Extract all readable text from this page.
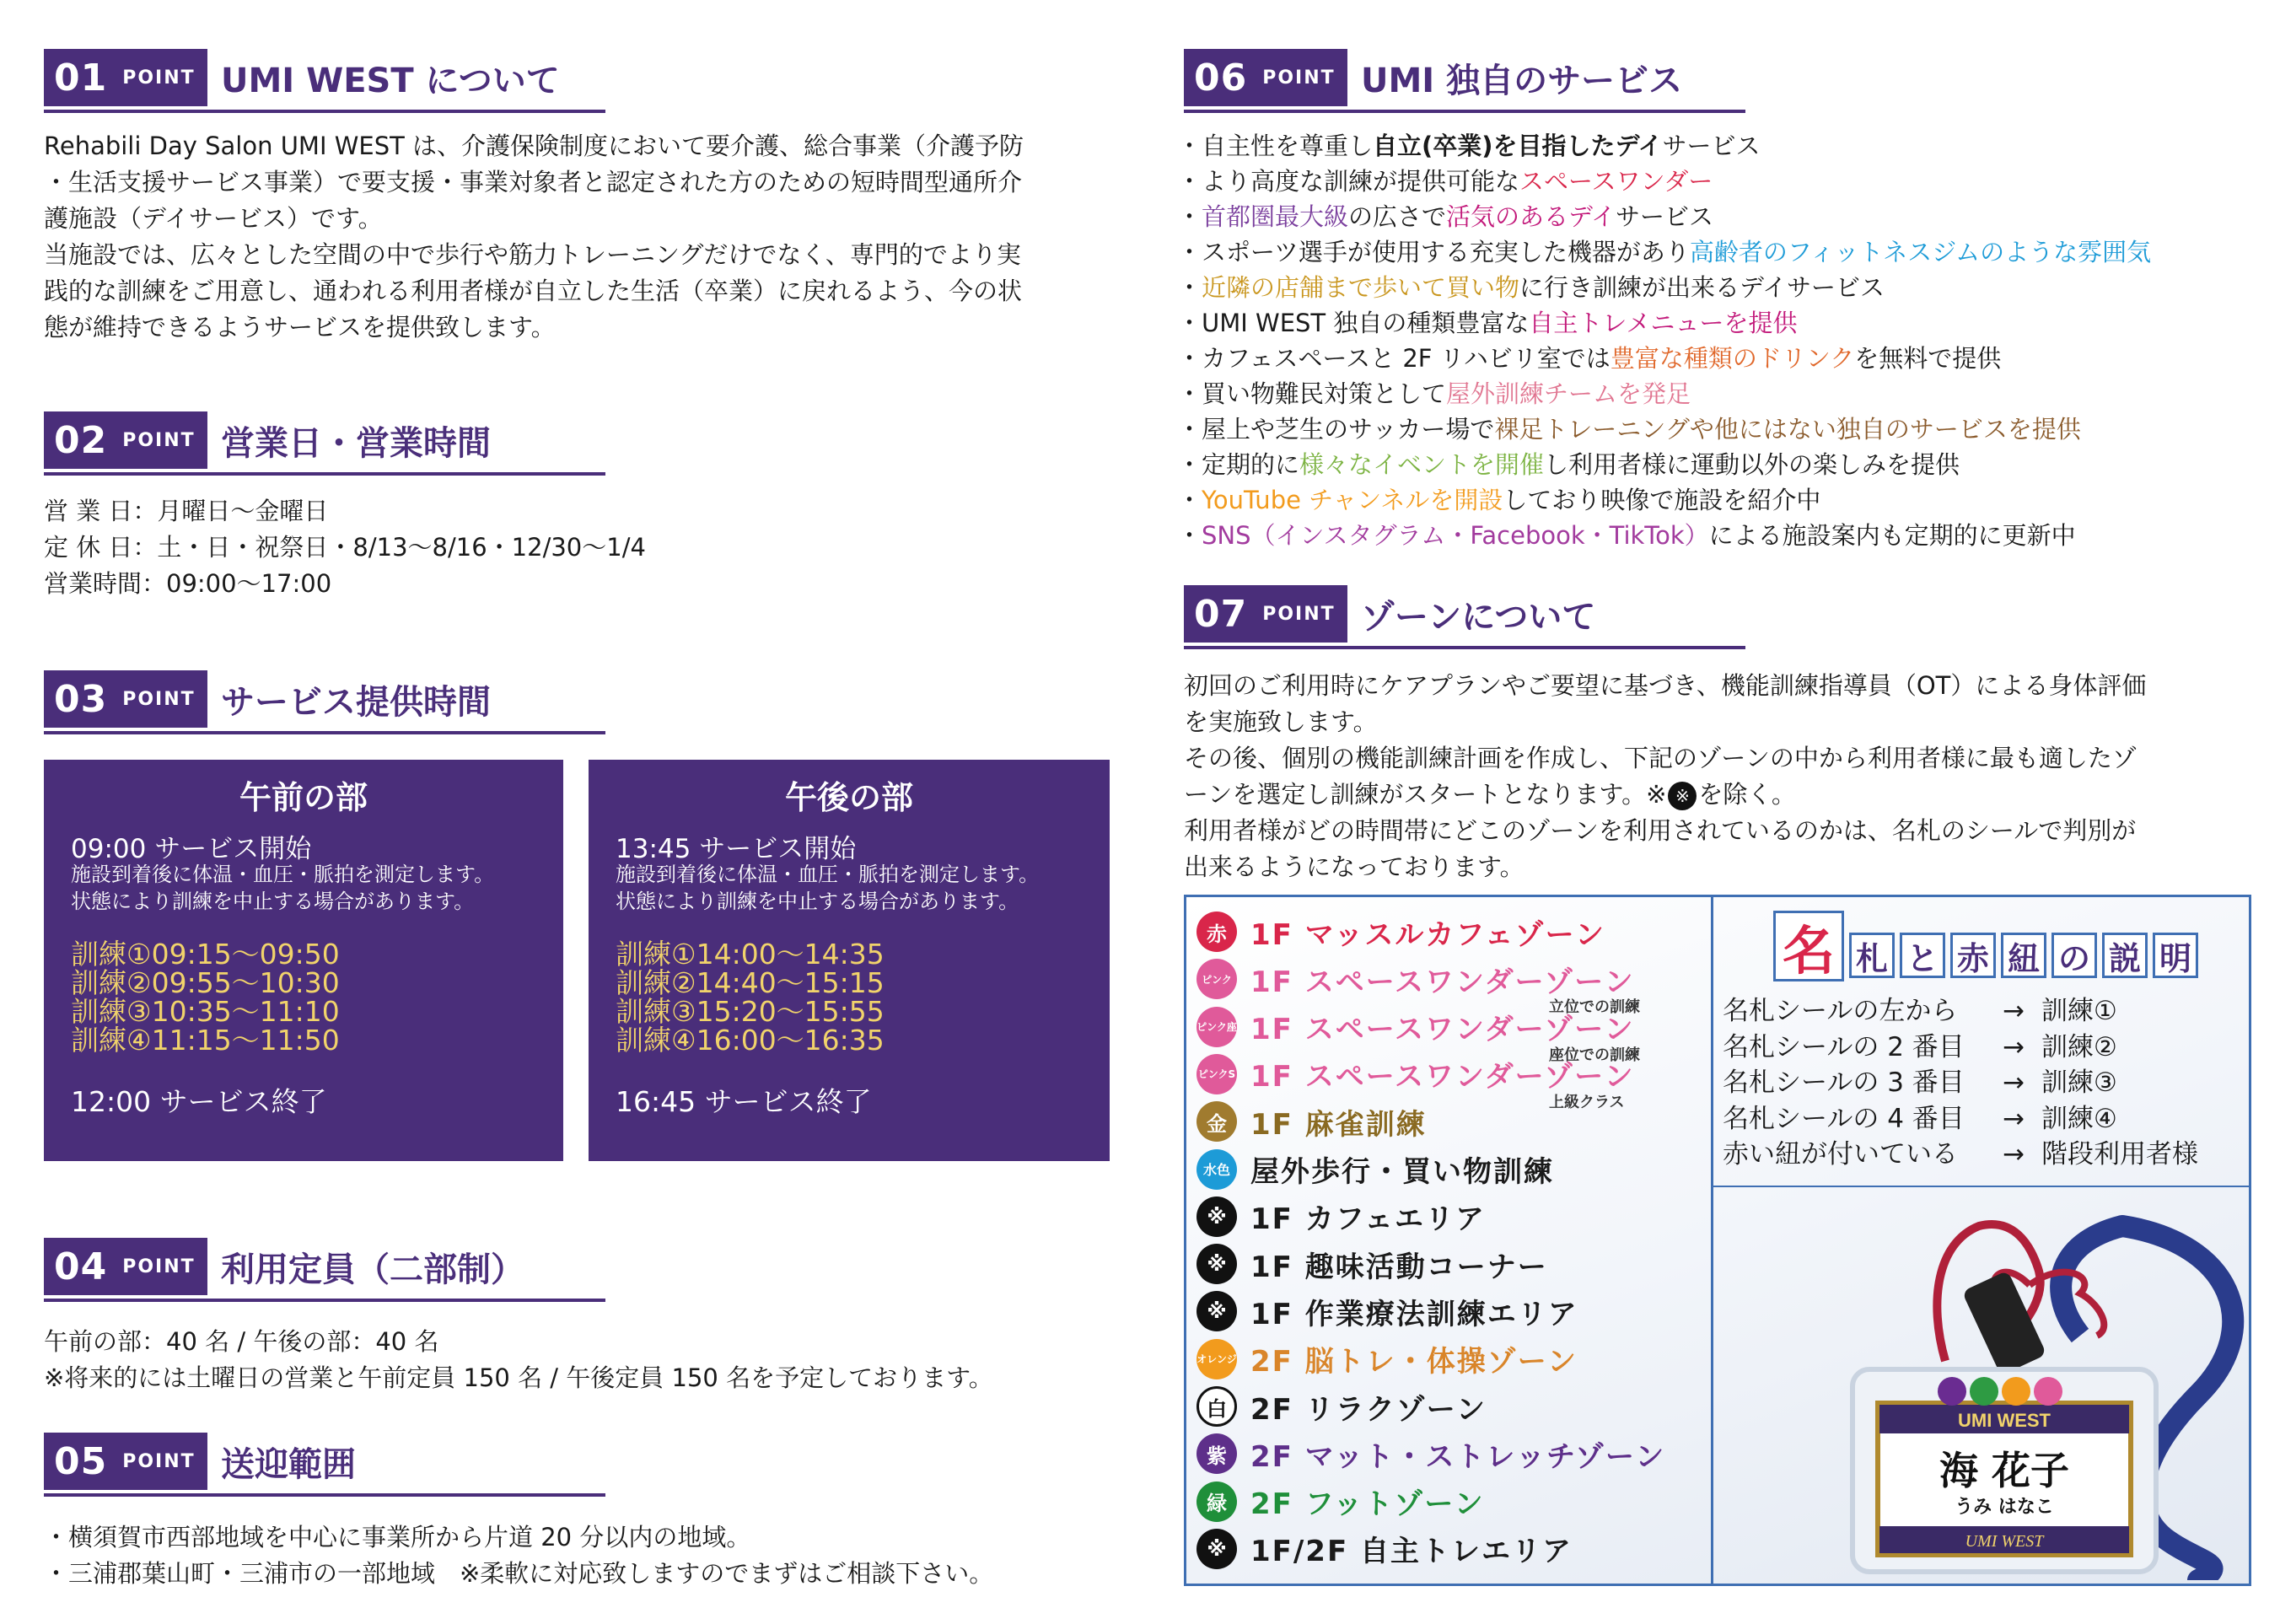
01 POINT UMI WEST について
Rehabili Day Salon UMI WEST は、介護保険制度において要介護、総合事業（介護予防
・生活支援サービス事業）で要支援・事業対象者と認定された方のための短時間型通所介
護施設（デイサービス）です。
当施設では、広々とした空間の中で歩行や筋力トレーニングだけでなく、専門的でより実
践的な訓練をご用意し、通われる利用者様が自立した生活（卒業）に戻れるよう、今の状
態が維持できるようサービスを提供致します。
02 POINT 営業日・営業時間
営 業 日：月曜日〜金曜日
定 休 日：土・日・祝祭日・8/13〜8/16・12/30〜1/4
営業時間：09:00〜17:00
03 POINT サービス提供時間
午前の部
09:00 サービス開始
施設到着後に体温・血圧・脈拍を測定します。
状態により訓練を中止する場合があります。
訓練①09:15〜09:50
訓練②09:55〜10:30
訓練③10:35〜11:10
訓練④11:15〜11:50
12:00 サービス終了
午後の部
13:45 サービス開始
施設到着後に体温・血圧・脈拍を測定します。
状態により訓練を中止する場合があります。
訓練①14:00〜14:35
訓練②14:40〜15:15
訓練③15:20〜15:55
訓練④16:00〜16:35
16:45 サービス終了
04 POINT 利用定員（二部制）
午前の部：40 名 / 午後の部：40 名
※将来的には土曜日の営業と午前定員 150 名 / 午後定員 150 名を予定しております。
05 POINT 送迎範囲
・横須賀市西部地域を中心に事業所から片道 20 分以内の地域。
・三浦郡葉山町・三浦市の一部地域　※柔軟に対応致しますのでまずはご相談下さい。
06 POINT UMI 独自のサービス
・自主性を尊重し自立(卒業)を目指したデイサービス
・より高度な訓練が提供可能なスペースワンダー
・首都圏最大級の広さで活気のあるデイサービス
・スポーツ選手が使用する充実した機器があり高齢者のフィットネスジムのような雰囲気
・近隣の店舗まで歩いて買い物に行き訓練が出来るデイサービス
・UMI WEST 独自の種類豊富な自主トレメニューを提供
・カフェスペースと 2F リハビリ室では豊富な種類のドリンクを無料で提供
・買い物難民対策として屋外訓練チームを発足
・屋上や芝生のサッカー場で裸足トレーニングや他にはない独自のサービスを提供
・定期的に様々なイベントを開催し利用者様に運動以外の楽しみを提供
・YouTube チャンネルを開設しており映像で施設を紹介中
・SNS（インスタグラム・Facebook・TikTok）による施設案内も定期的に更新中
07 POINT ゾーンについて
初回のご利用時にケアプランやご要望に基づき、機能訓練指導員（OT）による身体評価
を実施致します。
その後、個別の機能訓練計画を作成し、下記のゾーンの中から利用者様に最も適したゾ
ーンを選定し訓練がスタートとなります。※ ※ を除く。
利用者様がどの時間帯にどこのゾーンを利用されているのかは、名札のシールで判別が
出来るようになっております。
赤 1F マッスルカフェゾーン
ピンク 1F スペースワンダーゾーン
立位での訓練
ピンク座 1F スペースワンダーゾーン
座位での訓練
ピンクS 1F スペースワンダーゾーン
上級クラス
金 1F 麻雀訓練
水色 屋外歩行・買い物訓練
※ 1F カフェエリア
※ 1F 趣味活動コーナー
※ 1F 作業療法訓練エリア
オレンジ 2F 脳トレ・体操ゾーン
白 2F リラクゾーン
紫 2F マット・ストレッチゾーン
緑 2F フットゾーン
※ 1F/2F 自主トレエリア
名 札 と 赤 紐 の 説 明
名札シールの左から → 訓練①
名札シールの 2 番目 → 訓練②
名札シールの 3 番目 → 訓練③
名札シールの 4 番目 → 訓練④
赤い紐が付いている → 階段利用者様
UMI WEST
海 花子
うみ はなこ
UMI WEST
